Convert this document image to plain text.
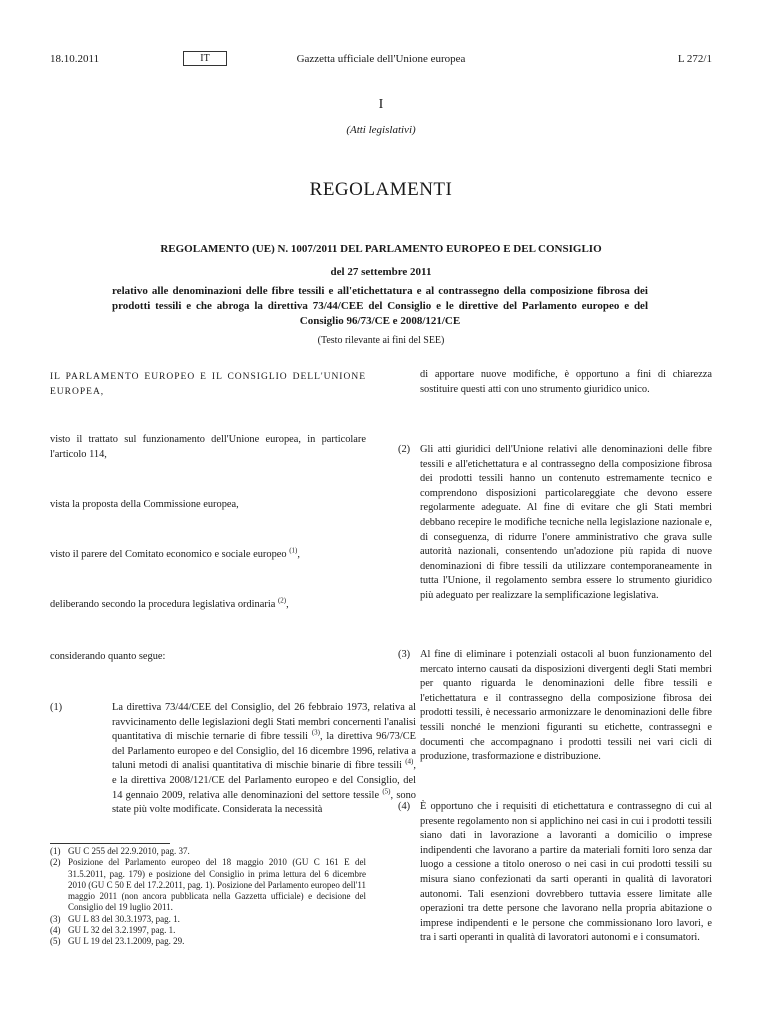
18.10.2011	IT	Gazzetta ufficiale dell'Unione europea	L 272/1
I
(Atti legislativi)
REGOLAMENTI
REGOLAMENTO (UE) N. 1007/2011 DEL PARLAMENTO EUROPEO E DEL CONSIGLIO
del 27 settembre 2011
relativo alle denominazioni delle fibre tessili e all'etichettatura e al contrassegno della composizione fibrosa dei prodotti tessili e che abroga la direttiva 73/44/CEE del Consiglio e le direttive del Parlamento europeo e del Consiglio 96/73/CE e 2008/121/CE
(Testo rilevante ai fini del SEE)
IL PARLAMENTO EUROPEO E IL CONSIGLIO DELL'UNIONE EUROPEA,
visto il trattato sul funzionamento dell'Unione europea, in particolare l'articolo 114,
vista la proposta della Commissione europea,
visto il parere del Comitato economico e sociale europeo $^{(1)}$,
deliberando secondo la procedura legislativa ordinaria $^{(2)}$,
considerando quanto segue:
(1)	La direttiva 73/44/CEE del Consiglio, del 26 febbraio 1973, relativa al ravvicinamento delle legislazioni degli Stati membri concernenti l'analisi quantitativa di mischie ternarie di fibre tessili $^{(3)}$, la direttiva 96/73/CE del Parlamento europeo e del Consiglio, del 16 dicembre 1996, relativa a taluni metodi di analisi quantitativa di mischie binarie di fibre tessili $^{(4)}$, e la direttiva 2008/121/CE del Parlamento europeo e del Consiglio, del 14 gennaio 2009, relativa alle denominazioni del settore tessile $^{(5)}$, sono state più volte modificate. Considerata la necessità
(1) GU C 255 del 22.9.2010, pag. 37.
(2) Posizione del Parlamento europeo del 18 maggio 2010 (GU C 161 E del 31.5.2011, pag. 179) e posizione del Consiglio in prima lettura del 6 dicembre 2010 (GU C 50 E del 17.2.2011, pag. 1). Posizione del Parlamento europeo dell'11 maggio 2011 (non ancora pubblicata nella Gazzetta ufficiale) e decisione del Consiglio del 19 luglio 2011.
(3) GU L 83 del 30.3.1973, pag. 1.
(4) GU L 32 del 3.2.1997, pag. 1.
(5) GU L 19 del 23.1.2009, pag. 29.
di apportare nuove modifiche, è opportuno a fini di chiarezza sostituire questi atti con uno strumento giuridico unico.
(2) Gli atti giuridici dell'Unione relativi alle denominazioni delle fibre tessili e all'etichettatura e al contrassegno della composizione fibrosa dei prodotti tessili hanno un contenuto estremamente tecnico e comprendono disposizioni particolareggiate che devono essere regolarmente adeguate. Al fine di evitare che gli Stati membri debbano recepire le modifiche tecniche nella legislazione nazionale e, di conseguenza, di ridurre l'onere amministrativo che grava sulle autorità nazionali, consentendo un'adozione più rapida di nuove denominazioni di fibre tessili da utilizzare contemporaneamente in tutta l'Unione, il regolamento sembra essere lo strumento giuridico più adeguato per realizzare la semplificazione legislativa.
(3) Al fine di eliminare i potenziali ostacoli al buon funzionamento del mercato interno causati da disposizioni divergenti degli Stati membri per quanto riguarda le denominazioni delle fibre tessili e l'etichettatura e il contrassegno della composizione fibrosa dei prodotti tessili, è necessario armonizzare le denominazioni delle fibre tessili nonché le menzioni figuranti su etichette, contrassegni e documenti che accompagnano i prodotti tessili nei vari cicli di produzione, trasformazione e distribuzione.
(4) È opportuno che i requisiti di etichettatura e contrassegno di cui al presente regolamento non si applichino nei casi in cui i prodotti tessili siano dati in lavorazione a lavoranti a domicilio o imprese indipendenti che lavorano a partire da materiali forniti loro senza dar luogo a cessione a titolo oneroso o nei casi in cui prodotti tessili su misura siano confezionati da sarti operanti in qualità di lavoratori autonomi. Tali esenzioni dovrebbero tuttavia essere limitate alle operazioni tra dette persone che lavorano nella propria abitazione o imprese indipendenti e le persone che commissionano loro lavori, e tra i sarti operanti in qualità di lavoratori autonomi e i consumatori.
